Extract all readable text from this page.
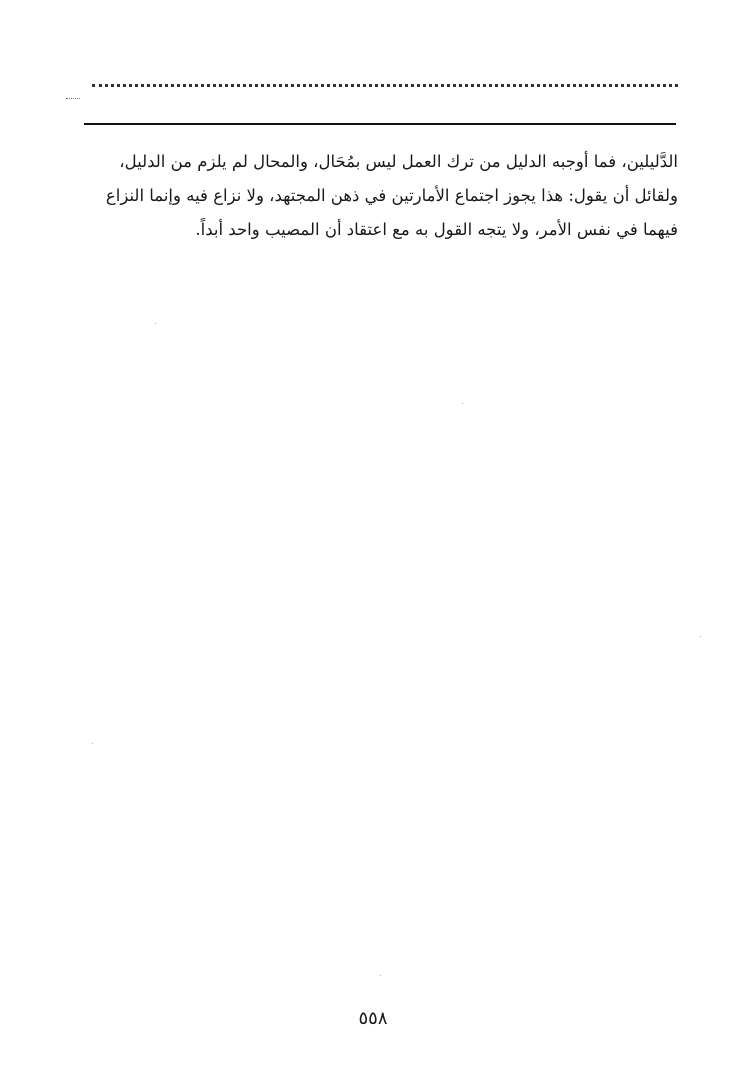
الدَّليلين، فما أوجبه الدليل من ترك العمل ليس بمُحَال، والمحال لم يلزم من الدليل،
ولقائل أن يقول: هذا يجوز اجتماع الأمارتين في ذهن المجتهد، ولا نزاع فيه وإنما النزاع
فيهما في نفس الأمر، ولا يتجه القول به مع اعتقاد أن المصيب واحد أبداً.
٥٥٨
